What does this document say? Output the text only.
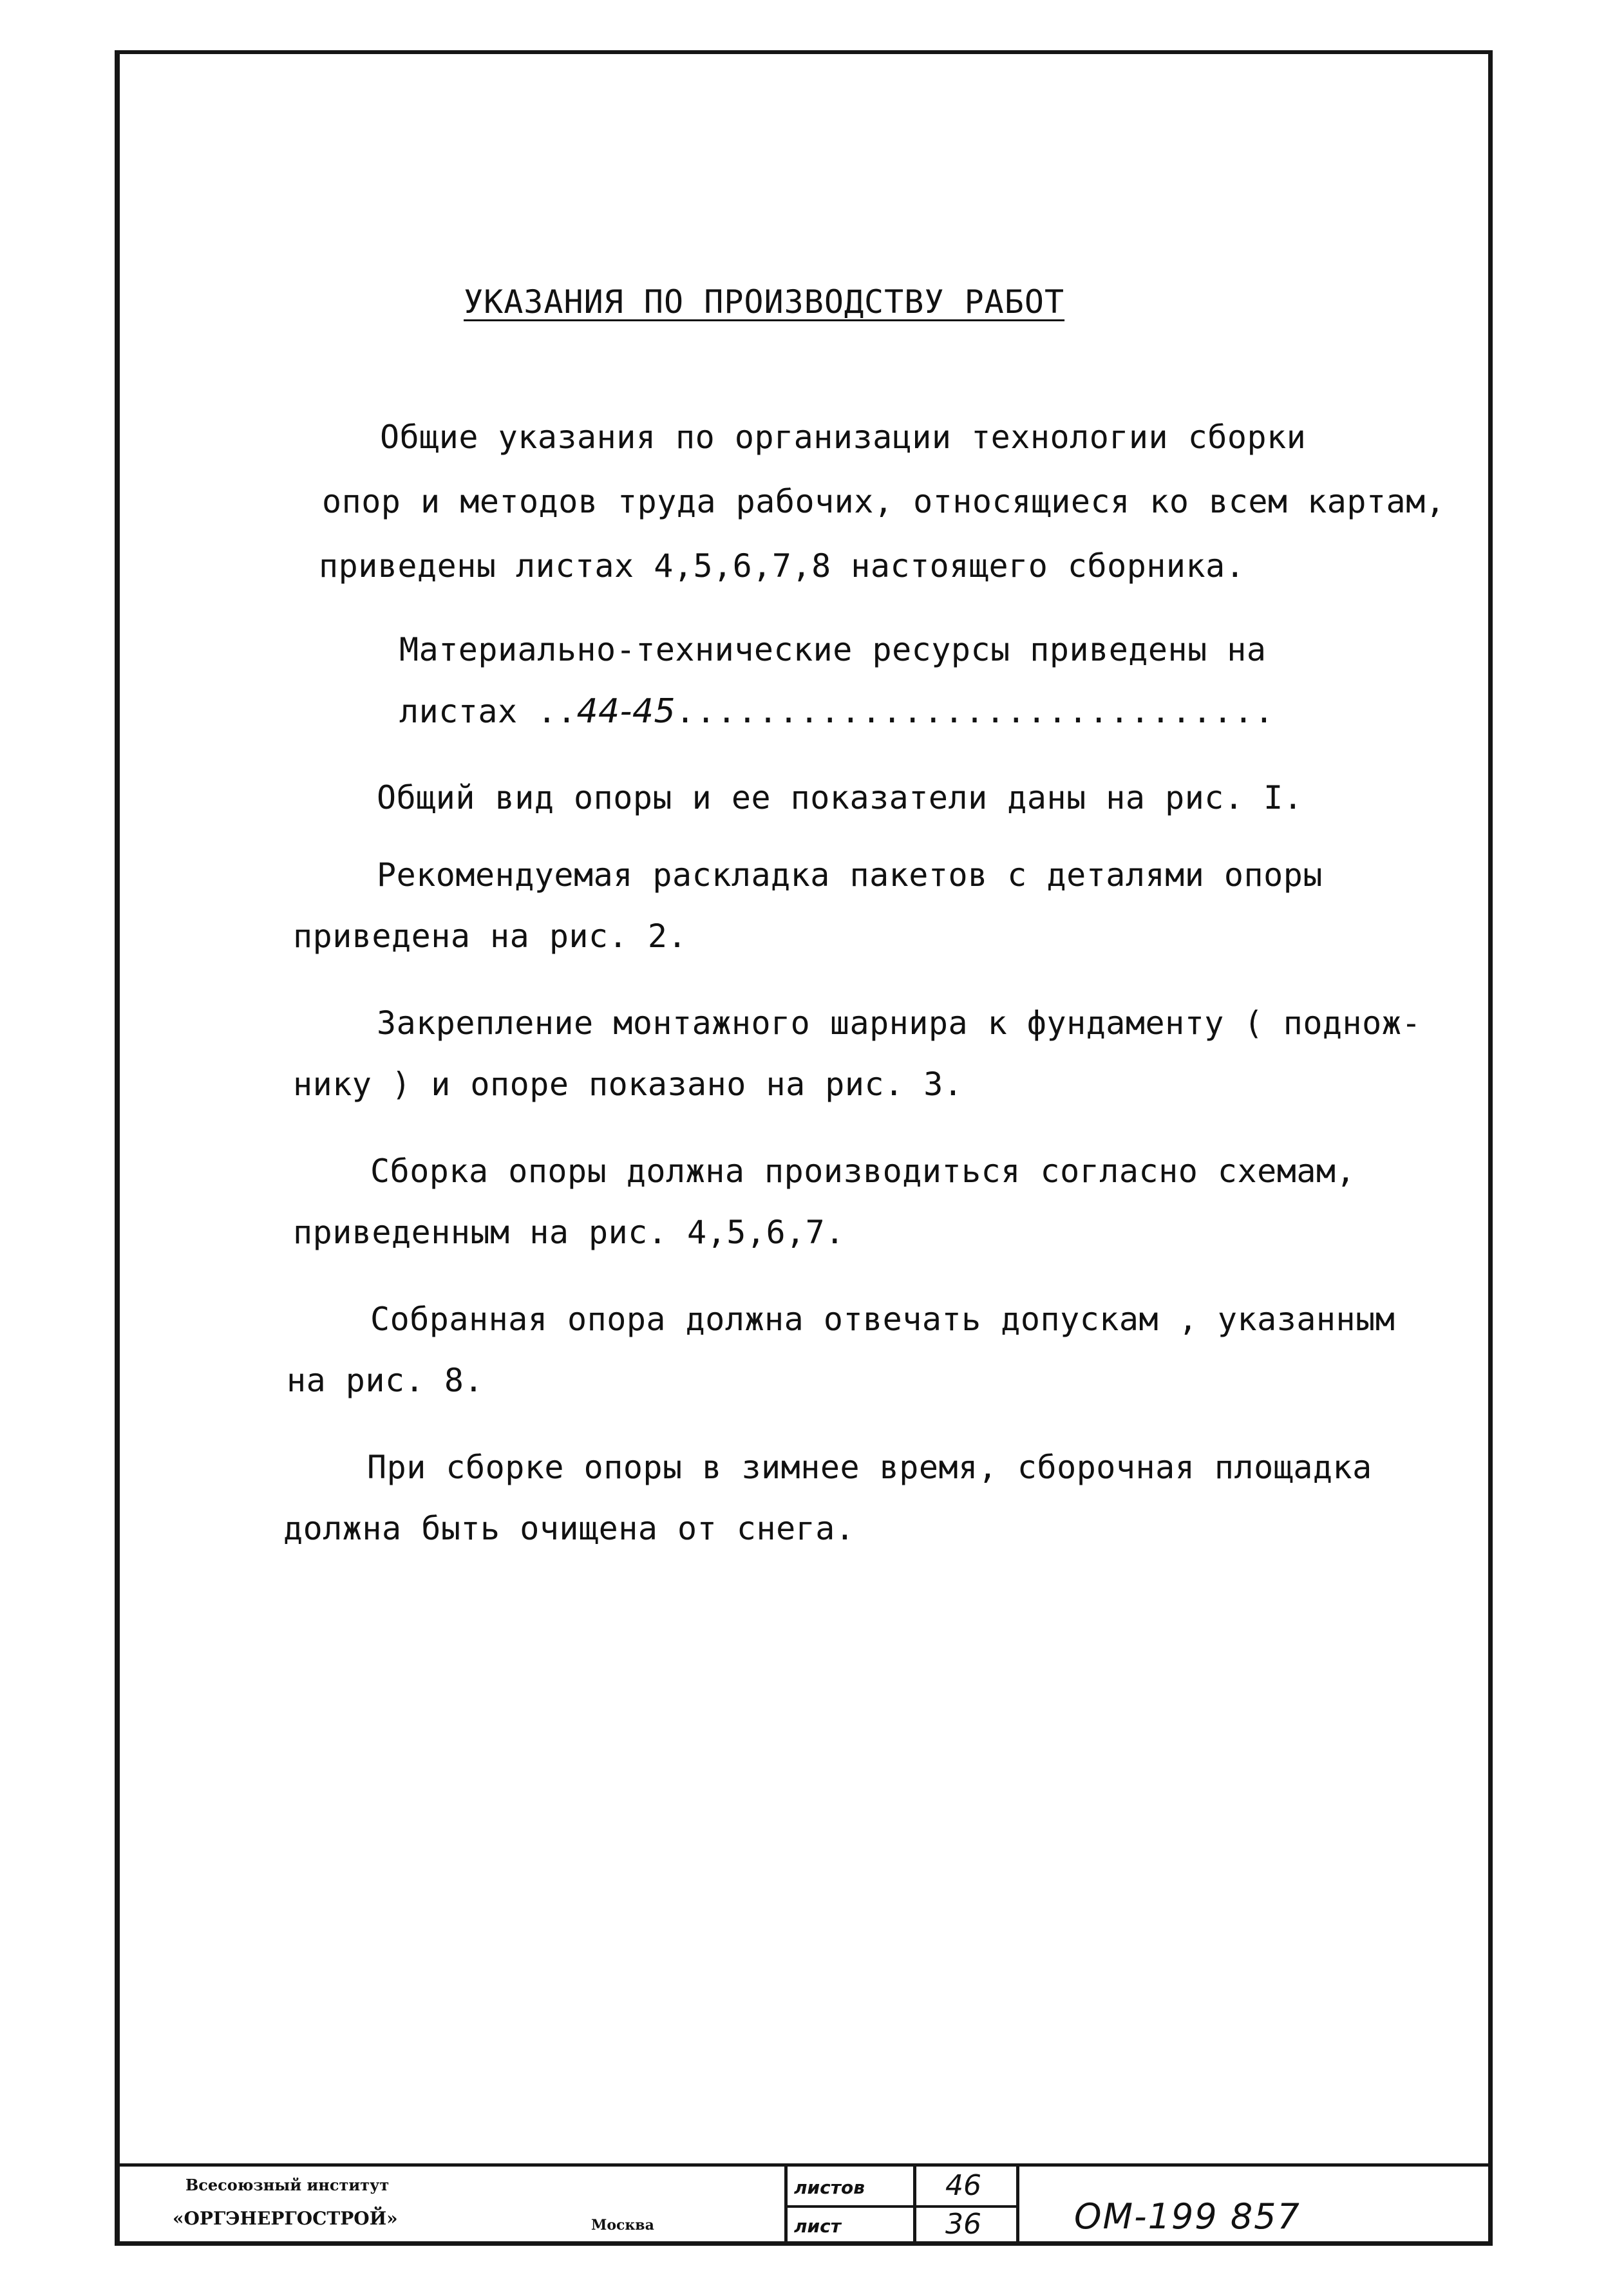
УКАЗАНИЯ ПО ПРОИЗВОДСТВУ РАБОТ
Общие указания по организации технологии сборки
опор и методов труда рабочих, относящиеся ко всем картам,
приведены листах 4,5,6,7,8 настоящего сборника.
Материально-технические ресурсы приведены на
листах ..44-45.............................
Общий вид опоры и ее показатели даны на рис. I.
Рекомендуемая раскладка пакетов с деталями опоры
приведена на рис. 2.
Закрепление монтажного шарнира к фундаменту ( поднож-
нику ) и опоре показано на рис. 3.
Сборка опоры должна производиться согласно схемам,
приведенным на рис. 4,5,6,7.
Собранная опора должна отвечать допускам , указанным
на рис. 8.
При сборке опоры в зимнее время, сборочная площадка
должна быть очищена от снега.
Всесоюзный институт
«ОРГЭНЕРГОСТРОЙ»	Москва
листов	46
лист	36	ОМ-199 857
